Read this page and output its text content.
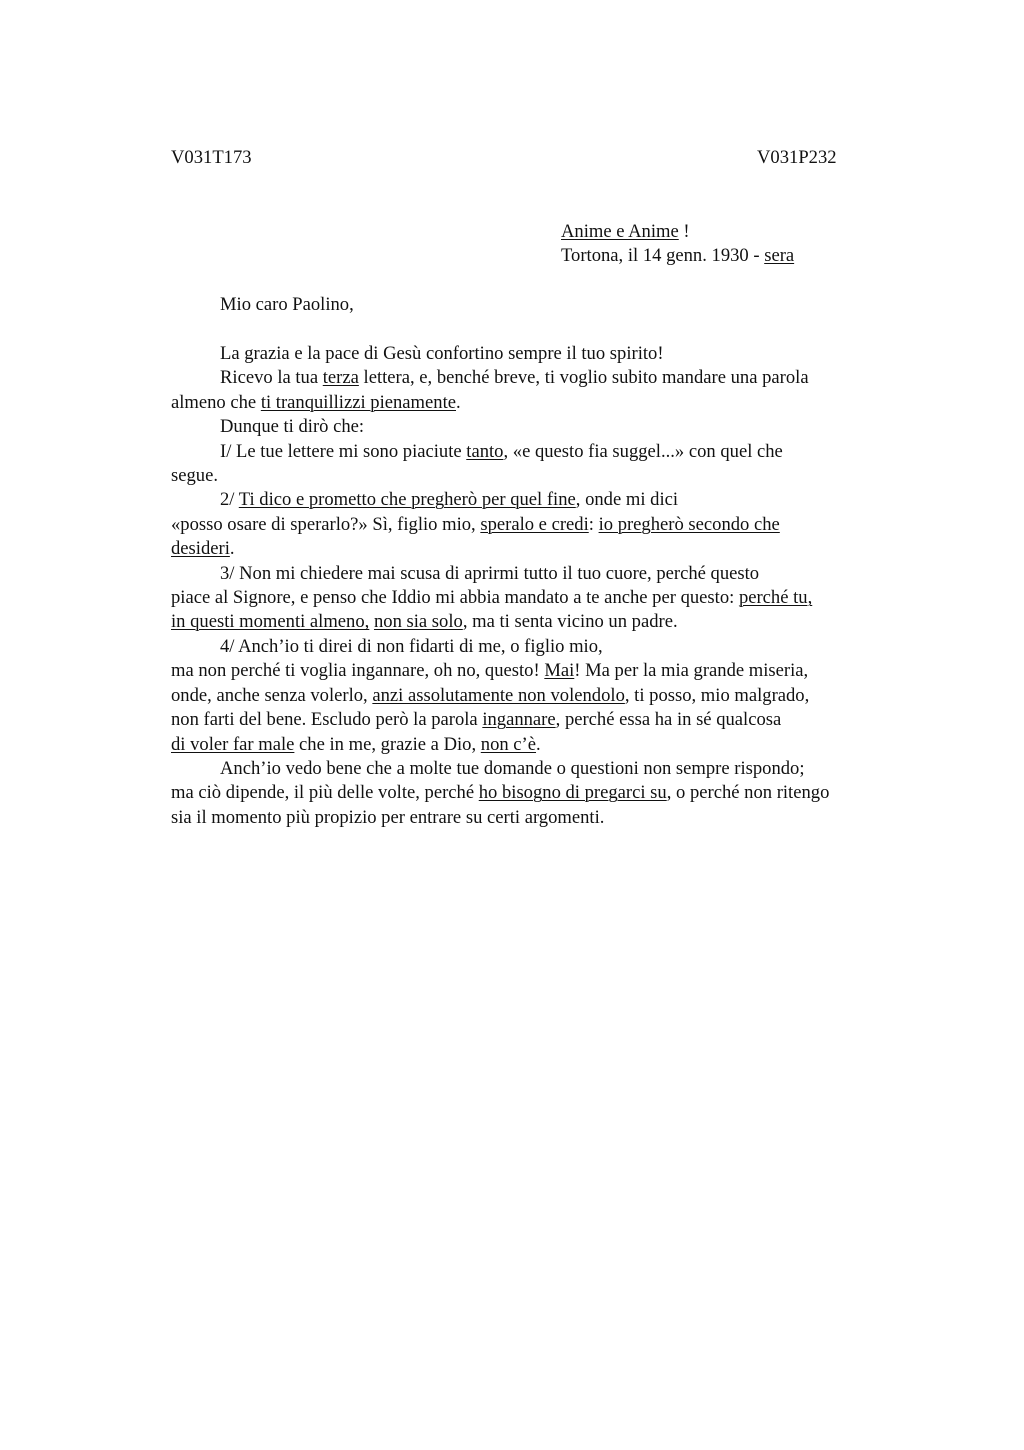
V031T173	V031P232
Anime e Anime !
Tortona, il 14 genn. 1930 - sera
Mio caro Paolino,
La grazia e la pace di Gesù confortino sempre il tuo spirito!
Ricevo la tua terza lettera, e, benché breve, ti voglio subito mandare una parola
almeno che ti tranquillizzi pienamente.
Dunque ti dirò che:
I/ Le tue lettere mi sono piaciute tanto, «e questo fia suggel...» con quel che
segue.
2/ Ti dico e prometto che pregherò per quel fine, onde mi dici
«posso osare di sperarlo?» Sì, figlio mio, speralo e credi: io pregherò secondo che
desideri.
3/ Non mi chiedere mai scusa di aprirmi tutto il tuo cuore, perché questo
piace al Signore, e penso che Iddio mi abbia mandato a te anche per questo: perché tu,
in questi momenti almeno, non sia solo, ma ti senta vicino un padre.
4/ Anch’io ti direi di non fidarti di me, o figlio mio,
ma non perché ti voglia ingannare, oh no, questo! Mai! Ma per la mia grande miseria,
onde, anche senza volerlo, anzi assolutamente non volendolo, ti posso, mio malgrado,
non farti del bene. Escludo però la parola ingannare, perché essa ha in sé qualcosa
di voler far male che in me, grazie a Dio, non c’è.
Anch’io vedo bene che a molte tue domande o questioni non sempre rispondo;
ma ciò dipende, il più delle volte, perché ho bisogno di pregarci su, o perché non ritengo
sia il momento più propizio per entrare su certi argomenti.
